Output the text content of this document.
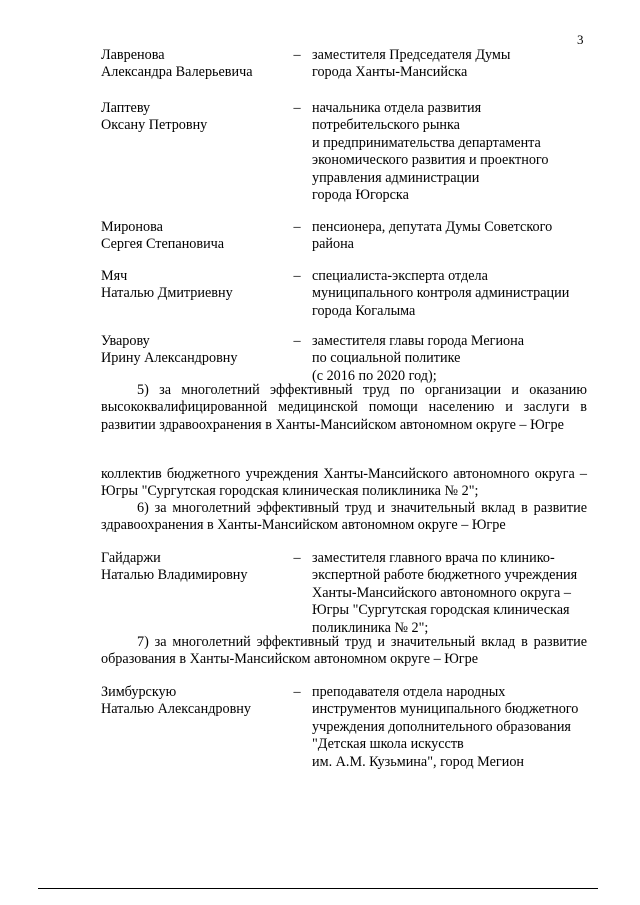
3
Лавренова
Александра Валерьевича
– заместителя Председателя Думы
города Ханты-Мансийска
Лаптеву
Оксану Петровну
– начальника отдела развития
потребительского рынка
и предпринимательства департамента
экономического развития и проектного
управления администрации
города Югорска
Миронова
Сергея Степановича
– пенсионера, депутата Думы Советского
района
Мяч
Наталью Дмитриевну
– специалиста-эксперта отдела
муниципального контроля администрации
города Когалыма
Уварову
Ирину Александровну
– заместителя главы города Мегиона
по социальной политике
(с 2016 по 2020 год);
5) за многолетний эффективный труд по организации и оказанию высококвалифицированной медицинской помощи населению и заслуги в развитии здравоохранения в Ханты-Мансийском автономном округе – Югре
коллектив бюджетного учреждения Ханты-Мансийского автономного округа – Югры "Сургутская городская клиническая поликлиника № 2";
6) за многолетний эффективный труд и значительный вклад в развитие здравоохранения в Ханты-Мансийском автономном округе – Югре
Гайдаржи
Наталью Владимировну
– заместителя главного врача по клинико-
экспертной работе бюджетного учреждения
Ханты-Мансийского автономного округа –
Югры "Сургутская городская клиническая
поликлиника № 2";
7) за многолетний эффективный труд и значительный вклад в развитие образования в Ханты-Мансийском автономном округе – Югре
Зимбурскую
Наталью Александровну
– преподавателя отдела народных
инструментов муниципального бюджетного
учреждения дополнительного образования
"Детская школа искусств
им. А.М. Кузьмина", город Мегион
